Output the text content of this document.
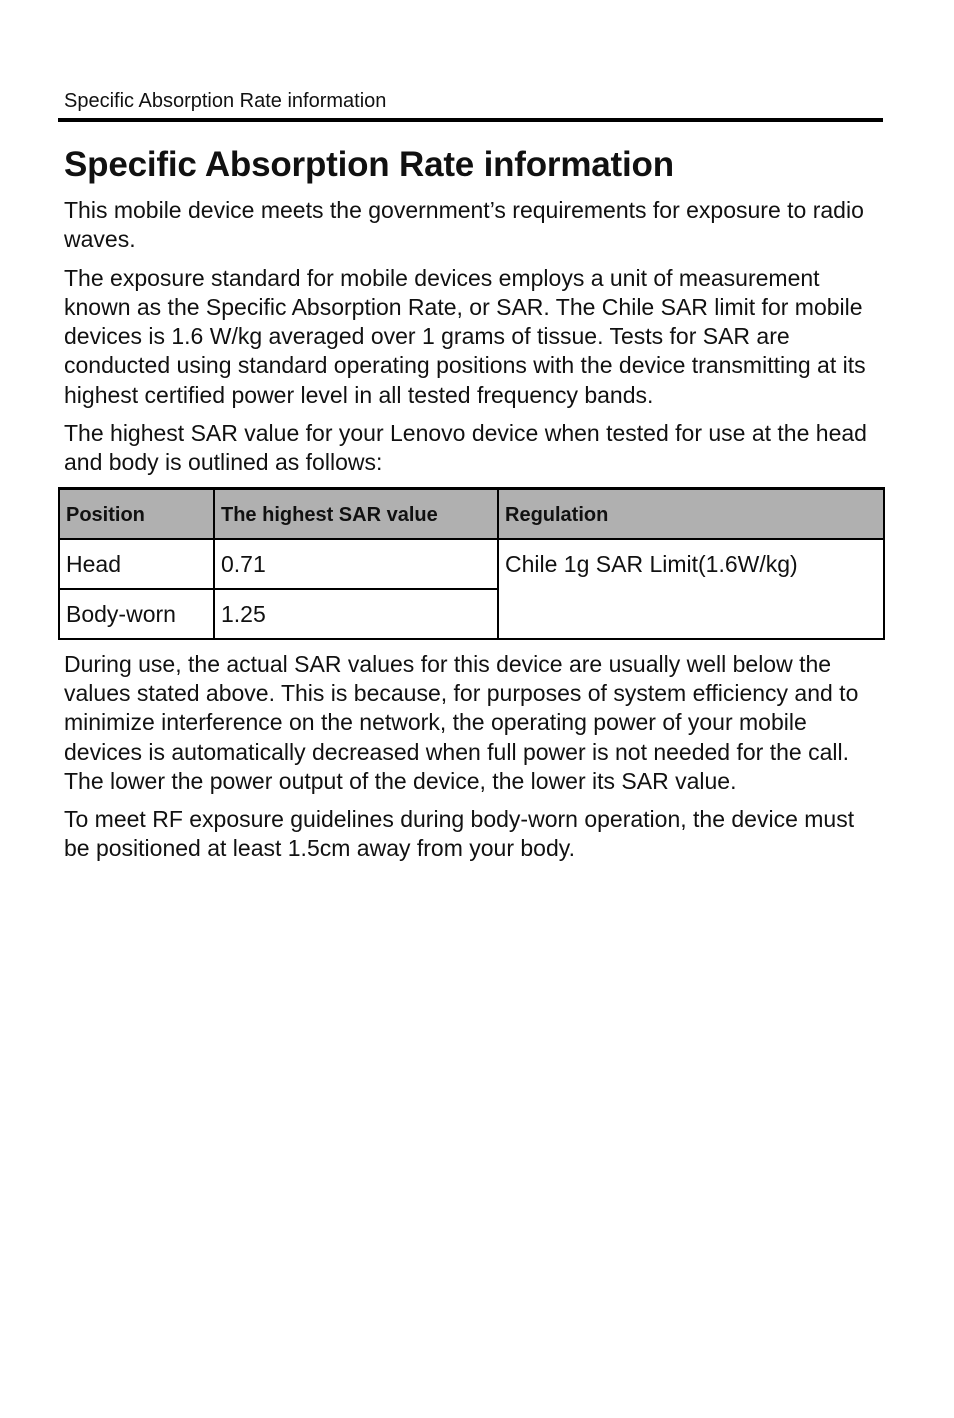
Specific Absorption Rate information
Specific Absorption Rate information

This mobile device meets the government’s requirements for exposure to radio waves.

The exposure standard for mobile devices employs a unit of measurement known as the Specific Absorption Rate, or SAR. The Chile SAR limit for mobile devices is 1.6 W/kg averaged over 1 grams of tissue. Tests for SAR are conducted using standard operating positions with the device transmitting at its highest certified power level in all tested frequency bands.

The highest SAR value for your Lenovo device when tested for use at the head and body is outlined as follows:

Position	The highest SAR value	Regulation
Head	0.71	Chile 1g SAR Limit(1.6W/kg)
Body-worn	1.25	

During use, the actual SAR values for this device are usually well below the values stated above. This is because, for purposes of system efficiency and to minimize interference on the network, the operating power of your mobile devices is automatically decreased when full power is not needed for the call. The lower the power output of the device, the lower its SAR value.

To meet RF exposure guidelines during body-worn operation, the device must be positioned at least 1.5cm away from your body.
